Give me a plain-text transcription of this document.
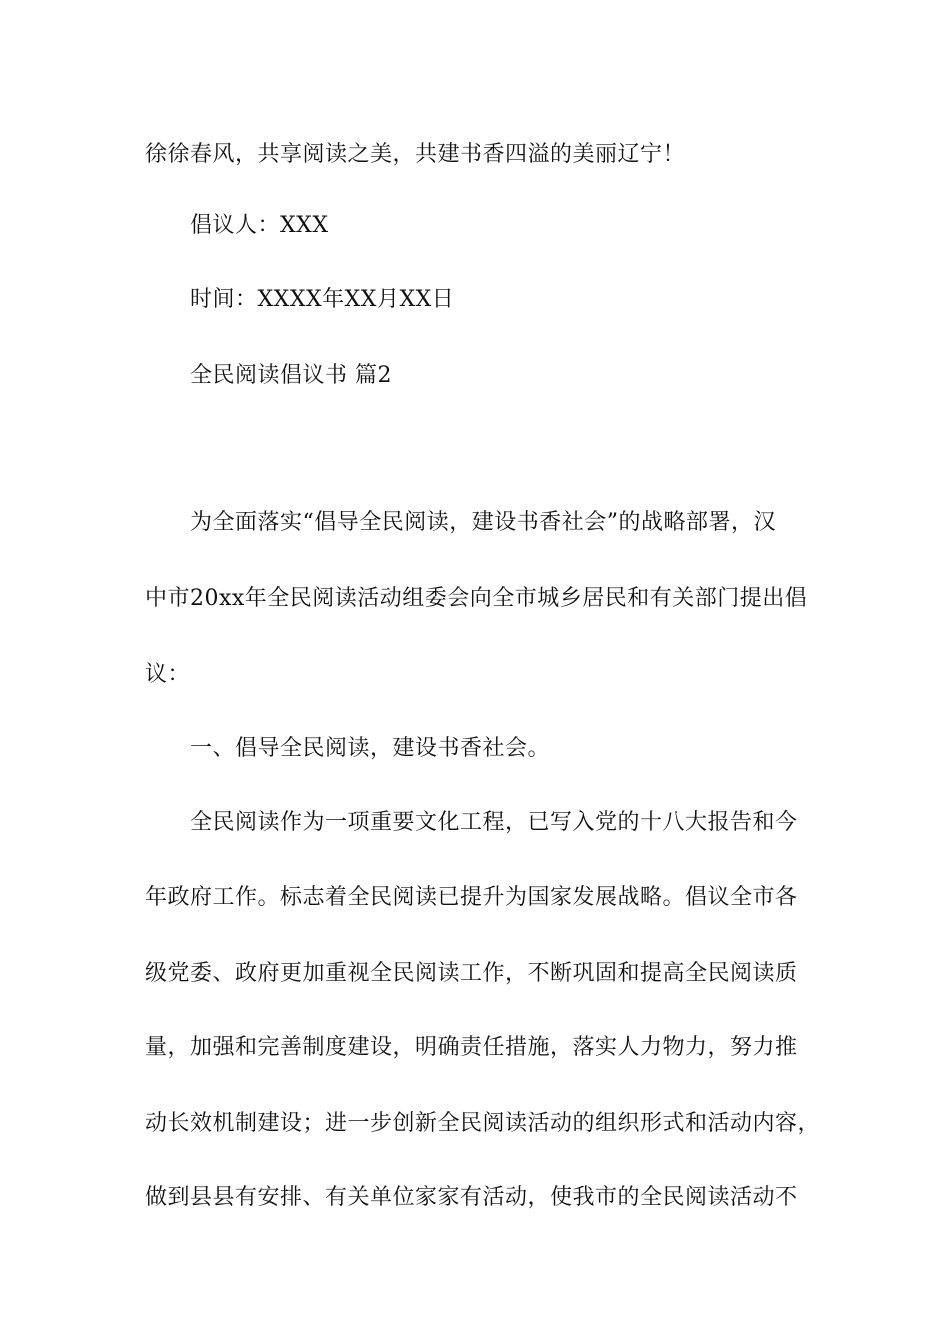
徐徐春风，共享阅读之美，共建书香四溢的美丽辽宁！
倡议人：XXX
时间：XXXX年XX月XX日
全民阅读倡议书 篇2
为全面落实“倡导全民阅读，建设书香社会”的战略部署，汉
中市20xx年全民阅读活动组委会向全市城乡居民和有关部门提出倡
议：
一、倡导全民阅读，建设书香社会。
全民阅读作为一项重要文化工程，已写入党的十八大报告和今
年政府工作。标志着全民阅读已提升为国家发展战略。倡议全市各
级党委、政府更加重视全民阅读工作，不断巩固和提高全民阅读质
量，加强和完善制度建设，明确责任措施，落实人力物力，努力推
动长效机制建设；进一步创新全民阅读活动的组织形式和活动内容，
做到县县有安排、有关单位家家有活动，使我市的全民阅读活动不
